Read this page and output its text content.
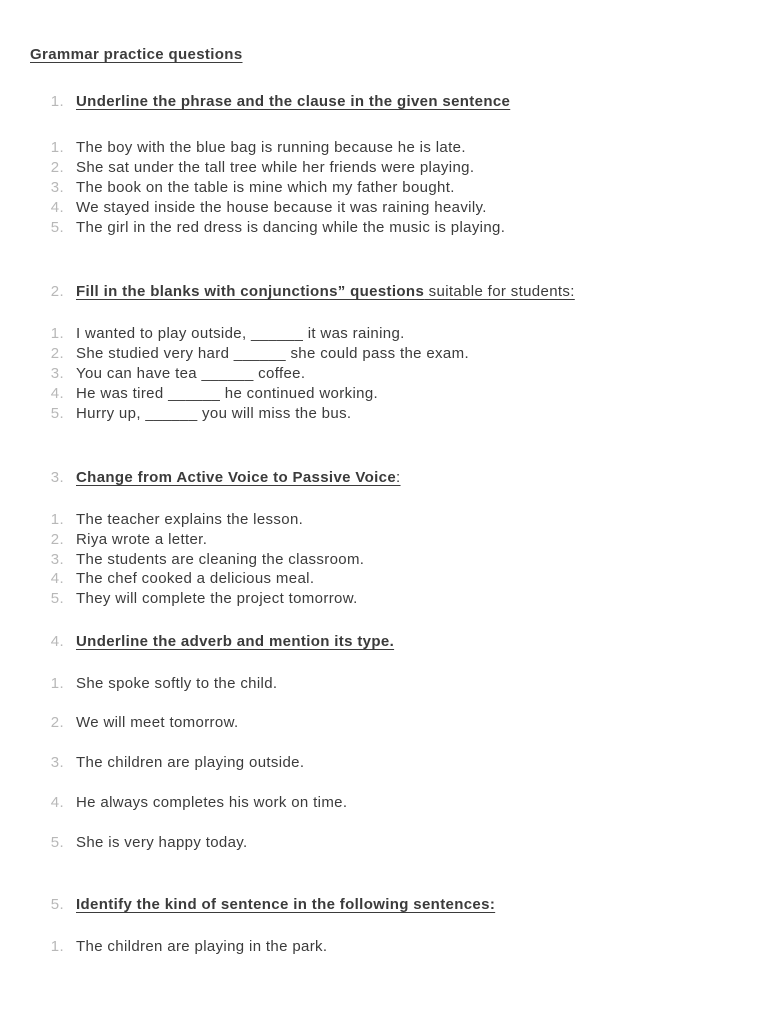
Grammar practice questions
1. Underline the phrase and the clause in the given sentence
1. The boy with the blue bag is running because he is late.
2. She sat under the tall tree while her friends were playing.
3. The book on the table is mine which my father bought.
4. We stayed inside the house because it was raining heavily.
5. The girl in the red dress is dancing while the music is playing.
2. Fill in the blanks with conjunctions” questions suitable for students:
1. I wanted to play outside, ______ it was raining.
2. She studied very hard ______ she could pass the exam.
3. You can have tea ______ coffee.
4. He was tired ______ he continued working.
5. Hurry up, ______ you will miss the bus.
3. Change from Active Voice to Passive Voice:
1. The teacher explains the lesson.
2. Riya wrote a letter.
3. The students are cleaning the classroom.
4. The chef cooked a delicious meal.
5. They will complete the project tomorrow.
4. Underline the adverb and mention its type.
1. She spoke softly to the child.
2. We will meet tomorrow.
3. The children are playing outside.
4. He always completes his work on time.
5. She is very happy today.
5. Identify the kind of sentence in the following sentences:
1. The children are playing in the park.
